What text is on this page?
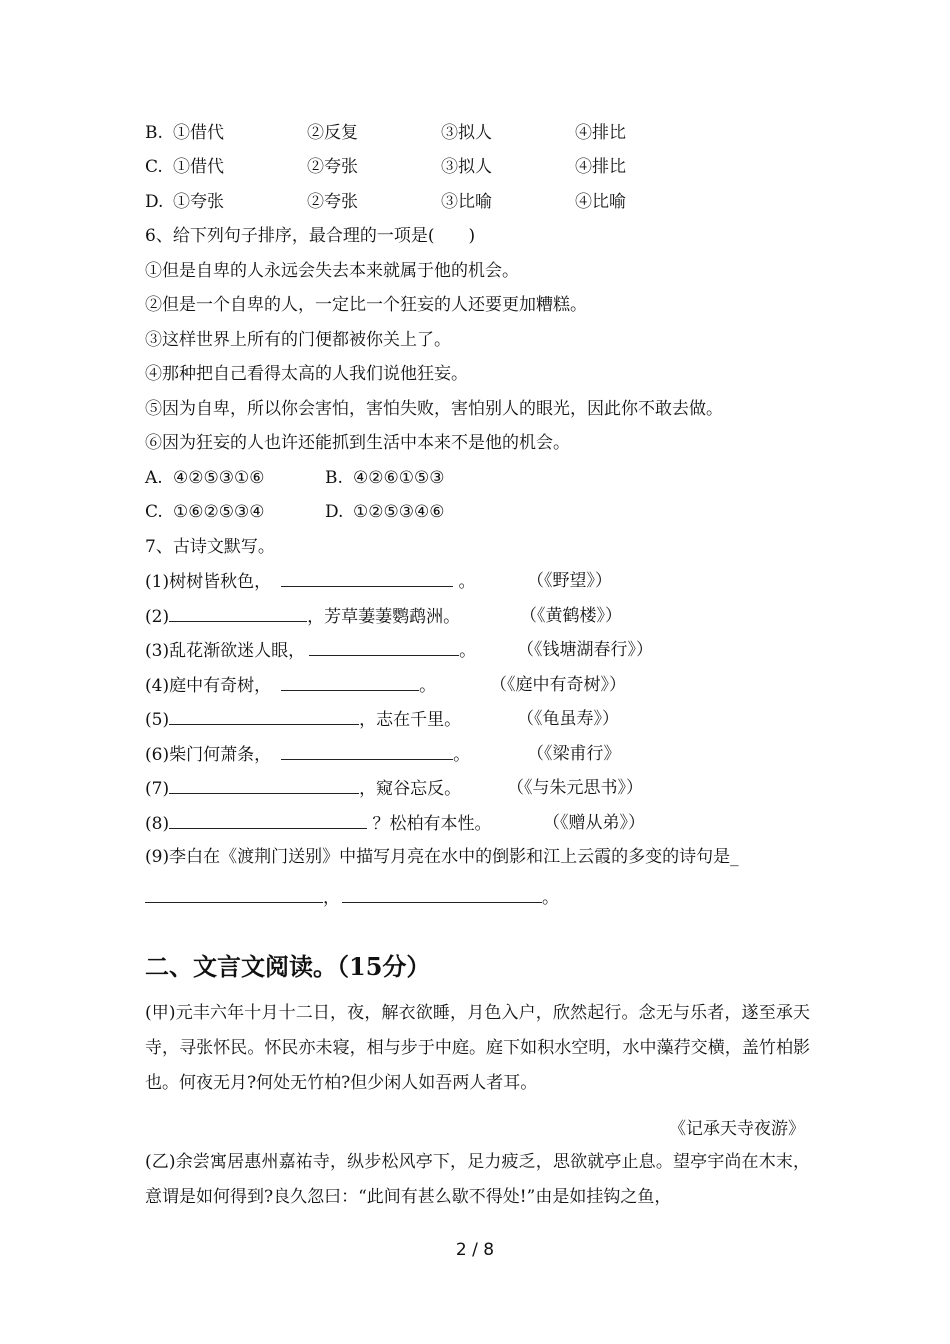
B. ①借代	②反复	③拟人	④排比
C. ①借代	②夸张	③拟人	④排比
D. ①夸张	②夸张	③比喻	④比喻
6、给下列句子排序，最合理的一项是(　　)
①但是自卑的人永远会失去本来就属于他的机会。
②但是一个自卑的人，一定比一个狂妄的人还要更加糟糕。
③这样世界上所有的门便都被你关上了。
④那种把自己看得太高的人我们说他狂妄。
⑤因为自卑，所以你会害怕，害怕失败，害怕别人的眼光，因此你不敢去做。
⑥因为狂妄的人也许还能抓到生活中本来不是他的机会。
A. ④②⑤③①⑥	B. ④②⑥①⑤③
C. ①⑥②⑤③④	D. ①②⑤③④⑥
7、古诗文默写。
(1)树树皆秋色，	。	（《野望》）
(2)	，芳草萋萋鹦鹉洲。	（《黄鹤楼》）
(3)乱花渐欲迷人眼，	。 （《钱塘湖春行》）
(4)庭中有奇树，	。	（《庭中有奇树》）
(5)	，志在千里。	（《龟虽寿》）
(6)柴门何萧条，	。	（《梁甫行》
(7)	，窥谷忘反。	（《与朱元思书》）
(8)	？松柏有本性。	（《赠从弟》）
(9)李白在《渡荆门送别》中描写月亮在水中的倒影和江上云霞的多变的诗句是_
，	。
二、文言文阅读。（15分）
(甲)元丰六年十月十二日，夜，解衣欲睡，月色入户，欣然起行。念无与乐者，遂至承天寺，寻张怀民。怀民亦未寝，相与步于中庭。庭下如积水空明，水中藻荇交横，盖竹柏影也。何夜无月?何处无竹柏?但少闲人如吾两人者耳。
《记承天寺夜游》
(乙)余尝寓居惠州嘉祐寺，纵步松风亭下，足力疲乏，思欲就亭止息。望亭宇尚在木末，意谓是如何得到?良久忽曰：“此间有甚么歇不得处!”由是如挂钩之鱼，
2 / 8
